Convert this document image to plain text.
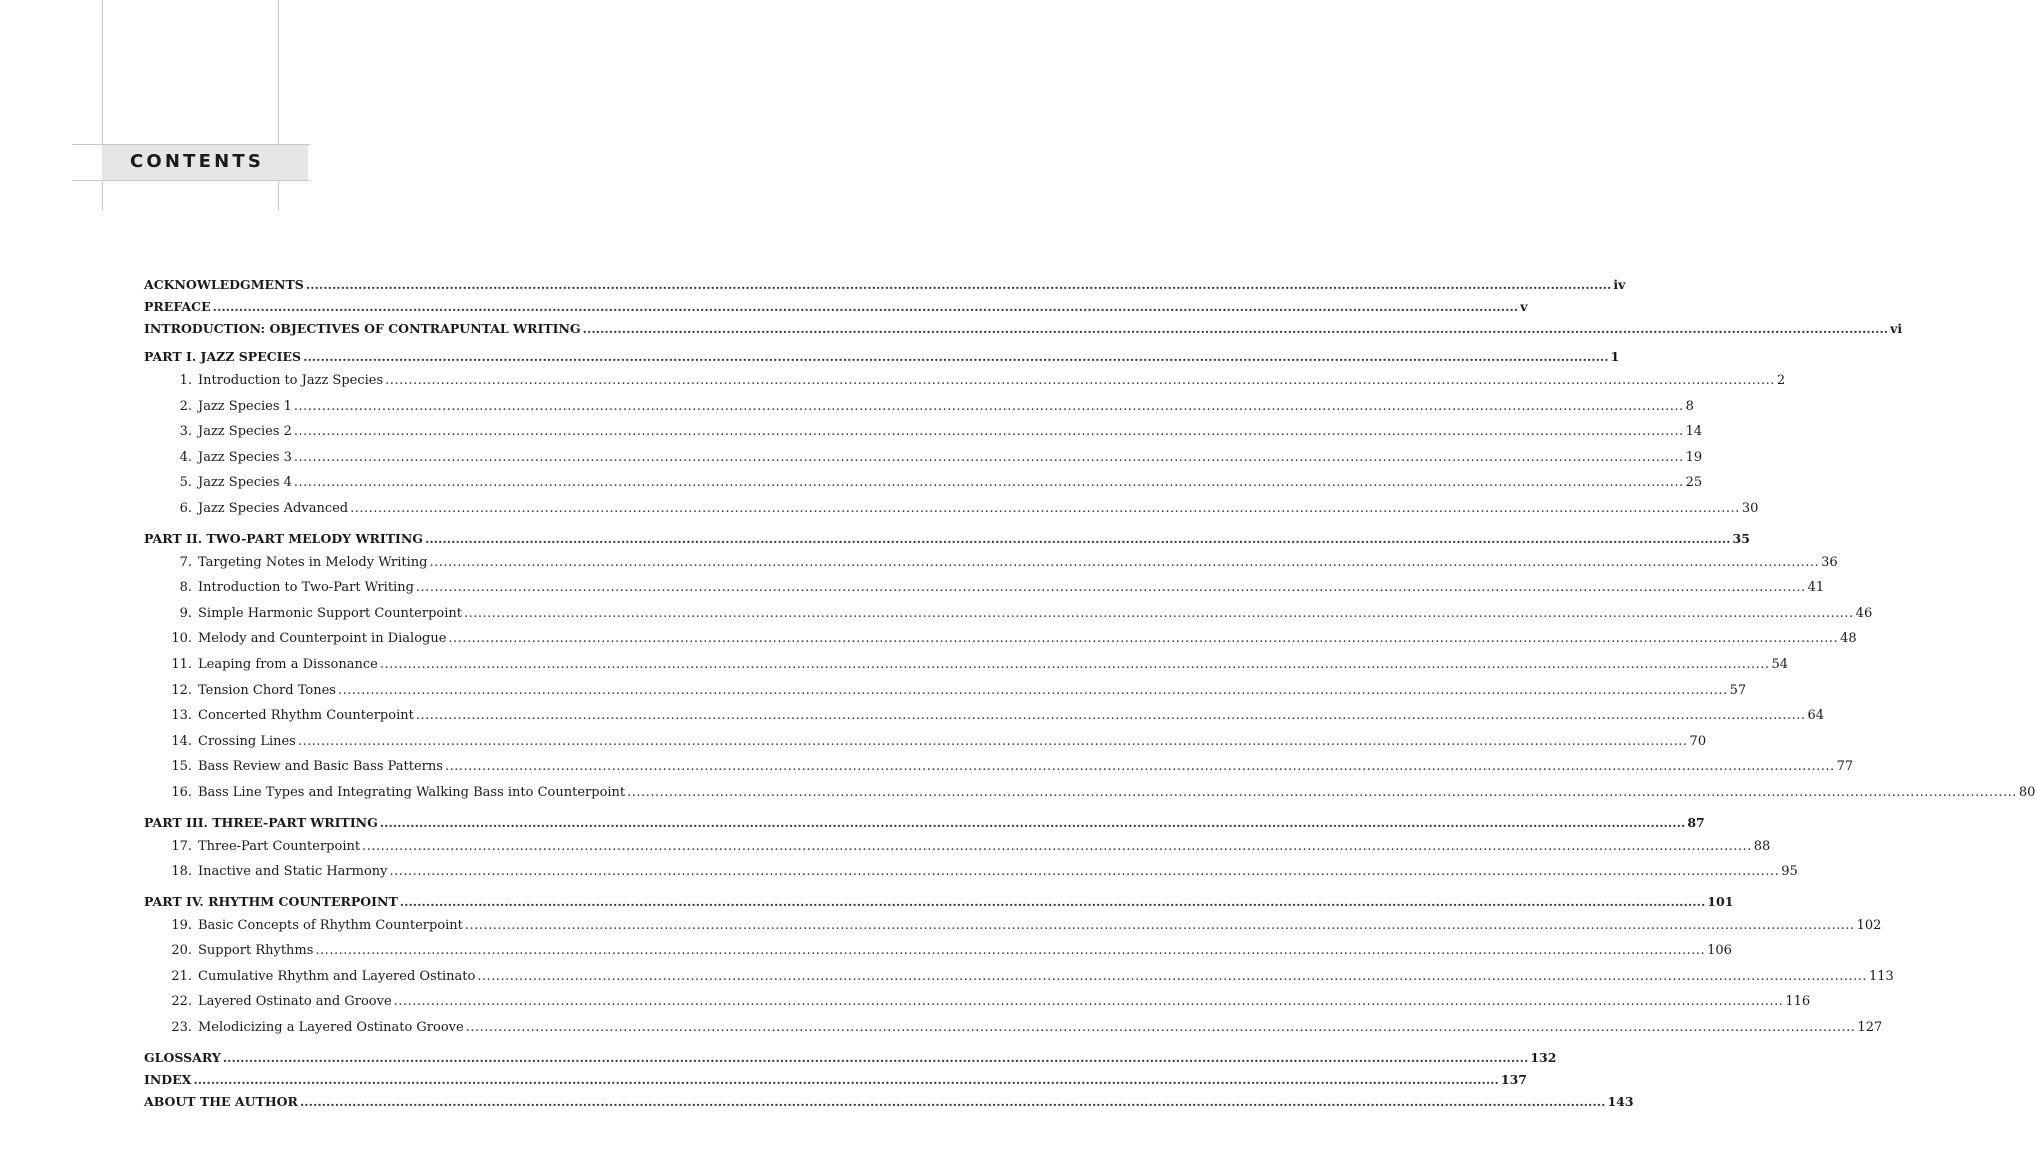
CONTENTS
ACKNOWLEDGMENTS ............................................................................................................................................................................................................................................................................................................ iv
PREFACE ............................................................................................................................................................................................................................................................................................................ v
INTRODUCTION: OBJECTIVES OF CONTRAPUNTAL WRITING ............................................................................................................................................................................................................................................................................................................ vi
PART I. JAZZ SPECIES ............................................................................................................................................................................................................................................................................................................ 1
1. Introduction to Jazz Species ............................................................................................................................................................................................................................................................................................................ 2
2. Jazz Species 1 ............................................................................................................................................................................................................................................................................................................ 8
3. Jazz Species 2 ............................................................................................................................................................................................................................................................................................................ 14
4. Jazz Species 3 ............................................................................................................................................................................................................................................................................................................ 19
5. Jazz Species 4 ............................................................................................................................................................................................................................................................................................................ 25
6. Jazz Species Advanced ............................................................................................................................................................................................................................................................................................................ 30
PART II. TWO-PART MELODY WRITING ............................................................................................................................................................................................................................................................................................................ 35
7. Targeting Notes in Melody Writing ............................................................................................................................................................................................................................................................................................................ 36
8. Introduction to Two-Part Writing ............................................................................................................................................................................................................................................................................................................ 41
9. Simple Harmonic Support Counterpoint ............................................................................................................................................................................................................................................................................................................ 46
10. Melody and Counterpoint in Dialogue ............................................................................................................................................................................................................................................................................................................ 48
11. Leaping from a Dissonance ............................................................................................................................................................................................................................................................................................................ 54
12. Tension Chord Tones ............................................................................................................................................................................................................................................................................................................ 57
13. Concerted Rhythm Counterpoint ............................................................................................................................................................................................................................................................................................................ 64
14. Crossing Lines ............................................................................................................................................................................................................................................................................................................ 70
15. Bass Review and Basic Bass Patterns ............................................................................................................................................................................................................................................................................................................ 77
16. Bass Line Types and Integrating Walking Bass into Counterpoint ............................................................................................................................................................................................................................................................................................................ 80
PART III. THREE-PART WRITING ............................................................................................................................................................................................................................................................................................................ 87
17. Three-Part Counterpoint ............................................................................................................................................................................................................................................................................................................ 88
18. Inactive and Static Harmony ............................................................................................................................................................................................................................................................................................................ 95
PART IV. RHYTHM COUNTERPOINT ............................................................................................................................................................................................................................................................................................................ 101
19. Basic Concepts of Rhythm Counterpoint ............................................................................................................................................................................................................................................................................................................ 102
20. Support Rhythms ............................................................................................................................................................................................................................................................................................................ 106
21. Cumulative Rhythm and Layered Ostinato ............................................................................................................................................................................................................................................................................................................ 113
22. Layered Ostinato and Groove ............................................................................................................................................................................................................................................................................................................ 116
23. Melodicizing a Layered Ostinato Groove ............................................................................................................................................................................................................................................................................................................ 127
GLOSSARY ............................................................................................................................................................................................................................................................................................................ 132
INDEX ............................................................................................................................................................................................................................................................................................................ 137
ABOUT THE AUTHOR ............................................................................................................................................................................................................................................................................................................ 143
